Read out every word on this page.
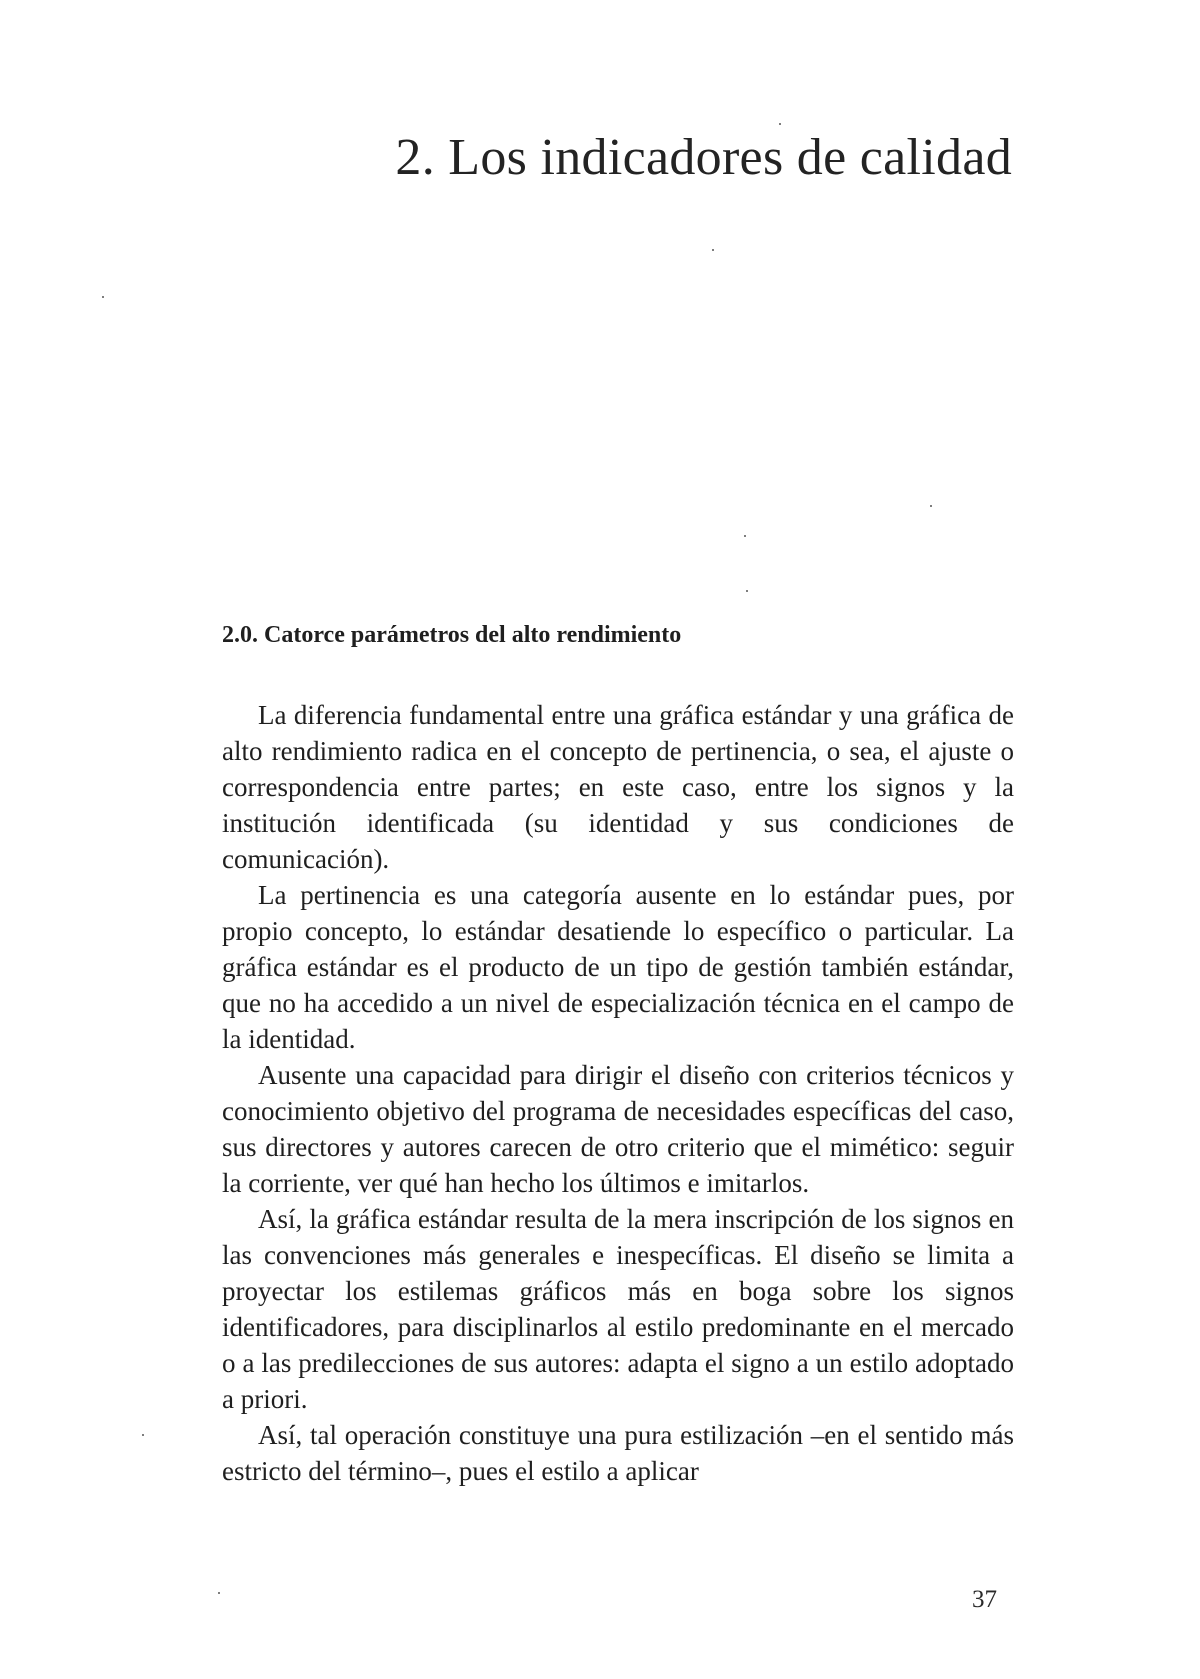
2. Los indicadores de calidad
2.0. Catorce parámetros del alto rendimiento

La diferencia fundamental entre una gráfica estándar y una gráfica de alto rendimiento radica en el concepto de pertinencia, o sea, el ajuste o correspondencia entre partes; en este caso, entre los signos y la institución identificada (su identidad y sus condiciones de comunicación).

La pertinencia es una categoría ausente en lo estándar pues, por propio concepto, lo estándar desatiende lo específico o particular. La gráfica estándar es el producto de un tipo de gestión también estándar, que no ha accedido a un nivel de especialización técnica en el campo de la identidad.

Ausente una capacidad para dirigir el diseño con criterios técnicos y conocimiento objetivo del programa de necesidades específicas del caso, sus directores y autores carecen de otro criterio que el mimético: seguir la corriente, ver qué han hecho los últimos e imitarlos.

Así, la gráfica estándar resulta de la mera inscripción de los signos en las convenciones más generales e inespecíficas. El diseño se limita a proyectar los estilemas gráficos más en boga sobre los signos identificadores, para disciplinarlos al estilo predominante en el mercado o a las predilecciones de sus autores: adapta el signo a un estilo adoptado a priori.

Así, tal operación constituye una pura estilización –en el sentido más estricto del término–, pues el estilo a aplicar

37
